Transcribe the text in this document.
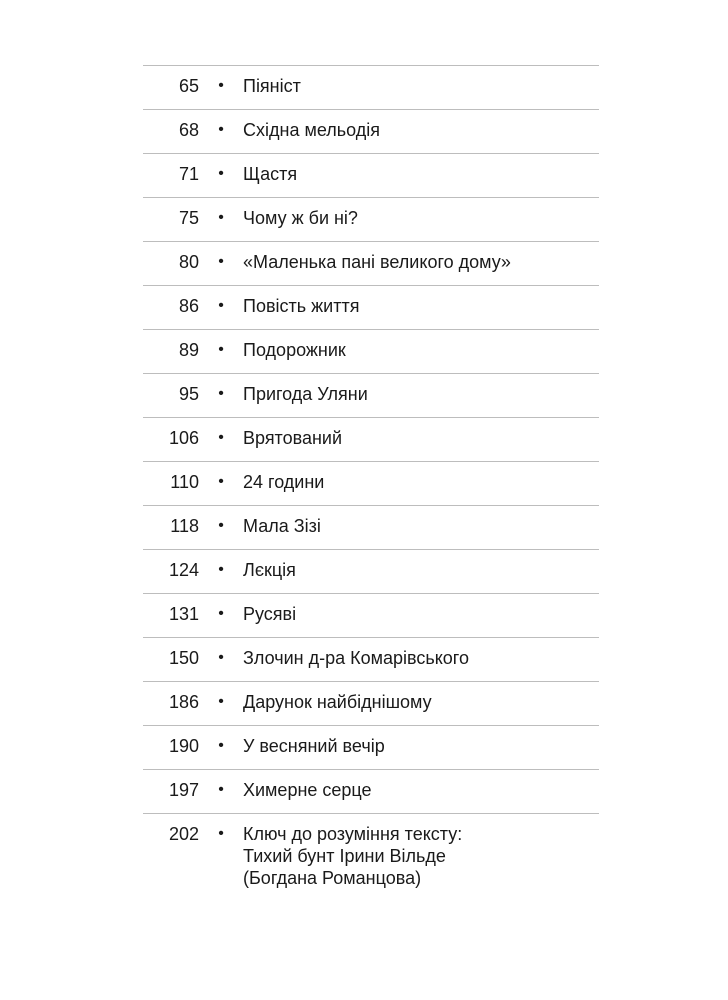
65	•	Піяніст
68	•	Східна мельодія
71	•	Щастя
75	•	Чому ж би ні?
80	•	«Маленька пані великого дому»
86	•	Повість життя
89	•	Подорожник
95	•	Пригода Уляни
106	•	Врятований
110	•	24 години
118	•	Мала Зізі
124	•	Лєкція
131	•	Русяві
150	•	Злочин д-ра Комарівського
186	•	Дарунок найбіднішому
190	•	У весняний вечір
197	•	Химерне серце
202	•	Ключ до розуміння тексту:
Тихий бунт Ірини Вільде
(Богдана Романцова)
